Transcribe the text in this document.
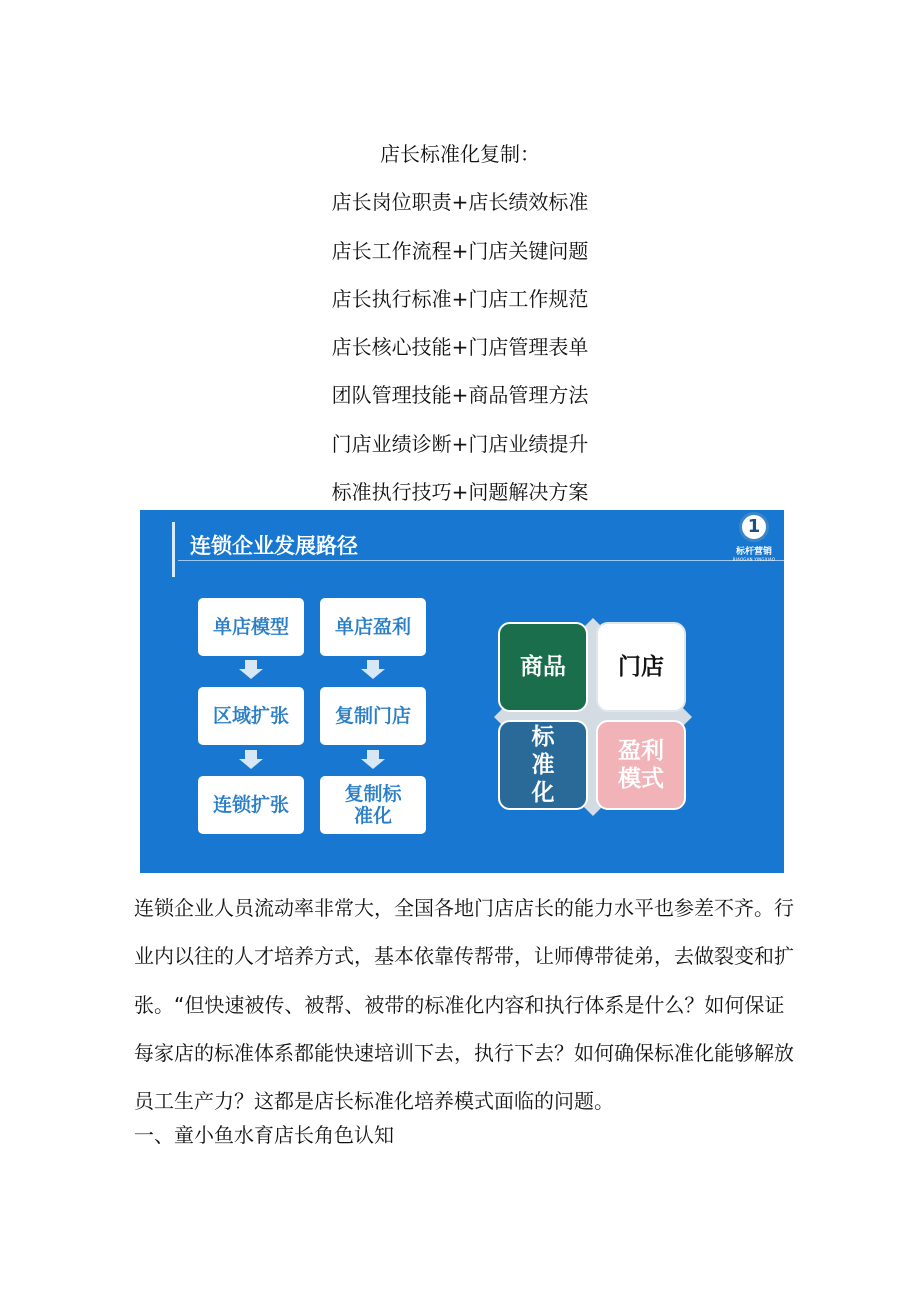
店长标准化复制：
店长岗位职责+店长绩效标准
店长工作流程+门店关键问题
店长执行标准+门店工作规范
店长核心技能+门店管理表单
团队管理技能+商品管理方法
门店业绩诊断+门店业绩提升
标准执行技巧+问题解决方案
连锁企业发展路径
1
标杆营销
BIAOGAN YINGXIAO
单店模型
区域扩张
连锁扩张
单店盈利
复制门店
复制标准化
商品	门店
标准化
盈利模式
连锁企业人员流动率非常大，全国各地门店店长的能力水平也参差不齐。行
业内以往的人才培养方式，基本依靠传帮带，让师傅带徒弟，去做裂变和扩
张。“但快速被传、被帮、被带的标准化内容和执行体系是什么？如何保证
每家店的标准体系都能快速培训下去，执行下去？如何确保标准化能够解放
员工生产力？这都是店长标准化培养模式面临的问题。
一、童小鱼水育店长角色认知
